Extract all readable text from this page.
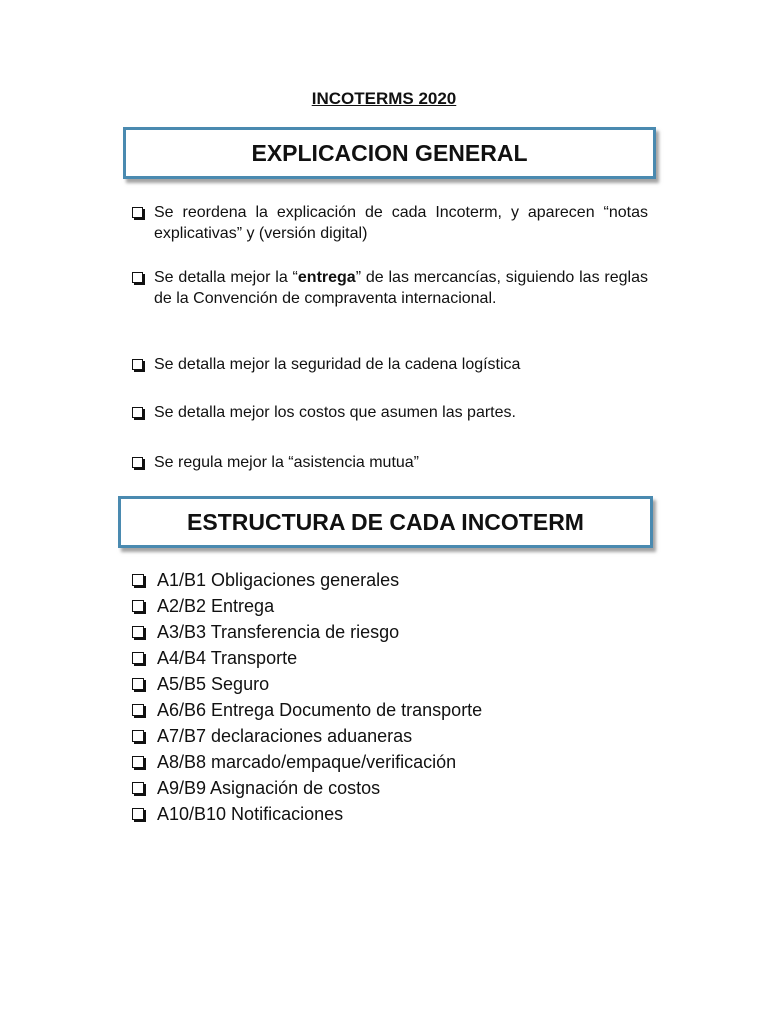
INCOTERMS 2020
EXPLICACION GENERAL
Se reordena la explicación de cada Incoterm, y aparecen “notas explicativas” y (versión digital)
Se detalla mejor la “entrega” de las mercancías, siguiendo las reglas de la Convención de compraventa internacional.
Se detalla mejor la seguridad de la cadena logística
Se detalla mejor los costos que asumen las partes.
Se regula mejor la “asistencia mutua”
ESTRUCTURA DE CADA INCOTERM
A1/B1 Obligaciones generales
A2/B2 Entrega
A3/B3 Transferencia de riesgo
A4/B4 Transporte
A5/B5 Seguro
A6/B6 Entrega Documento de transporte
A7/B7 declaraciones aduaneras
A8/B8 marcado/empaque/verificación
A9/B9 Asignación de costos
A10/B10 Notificaciones
